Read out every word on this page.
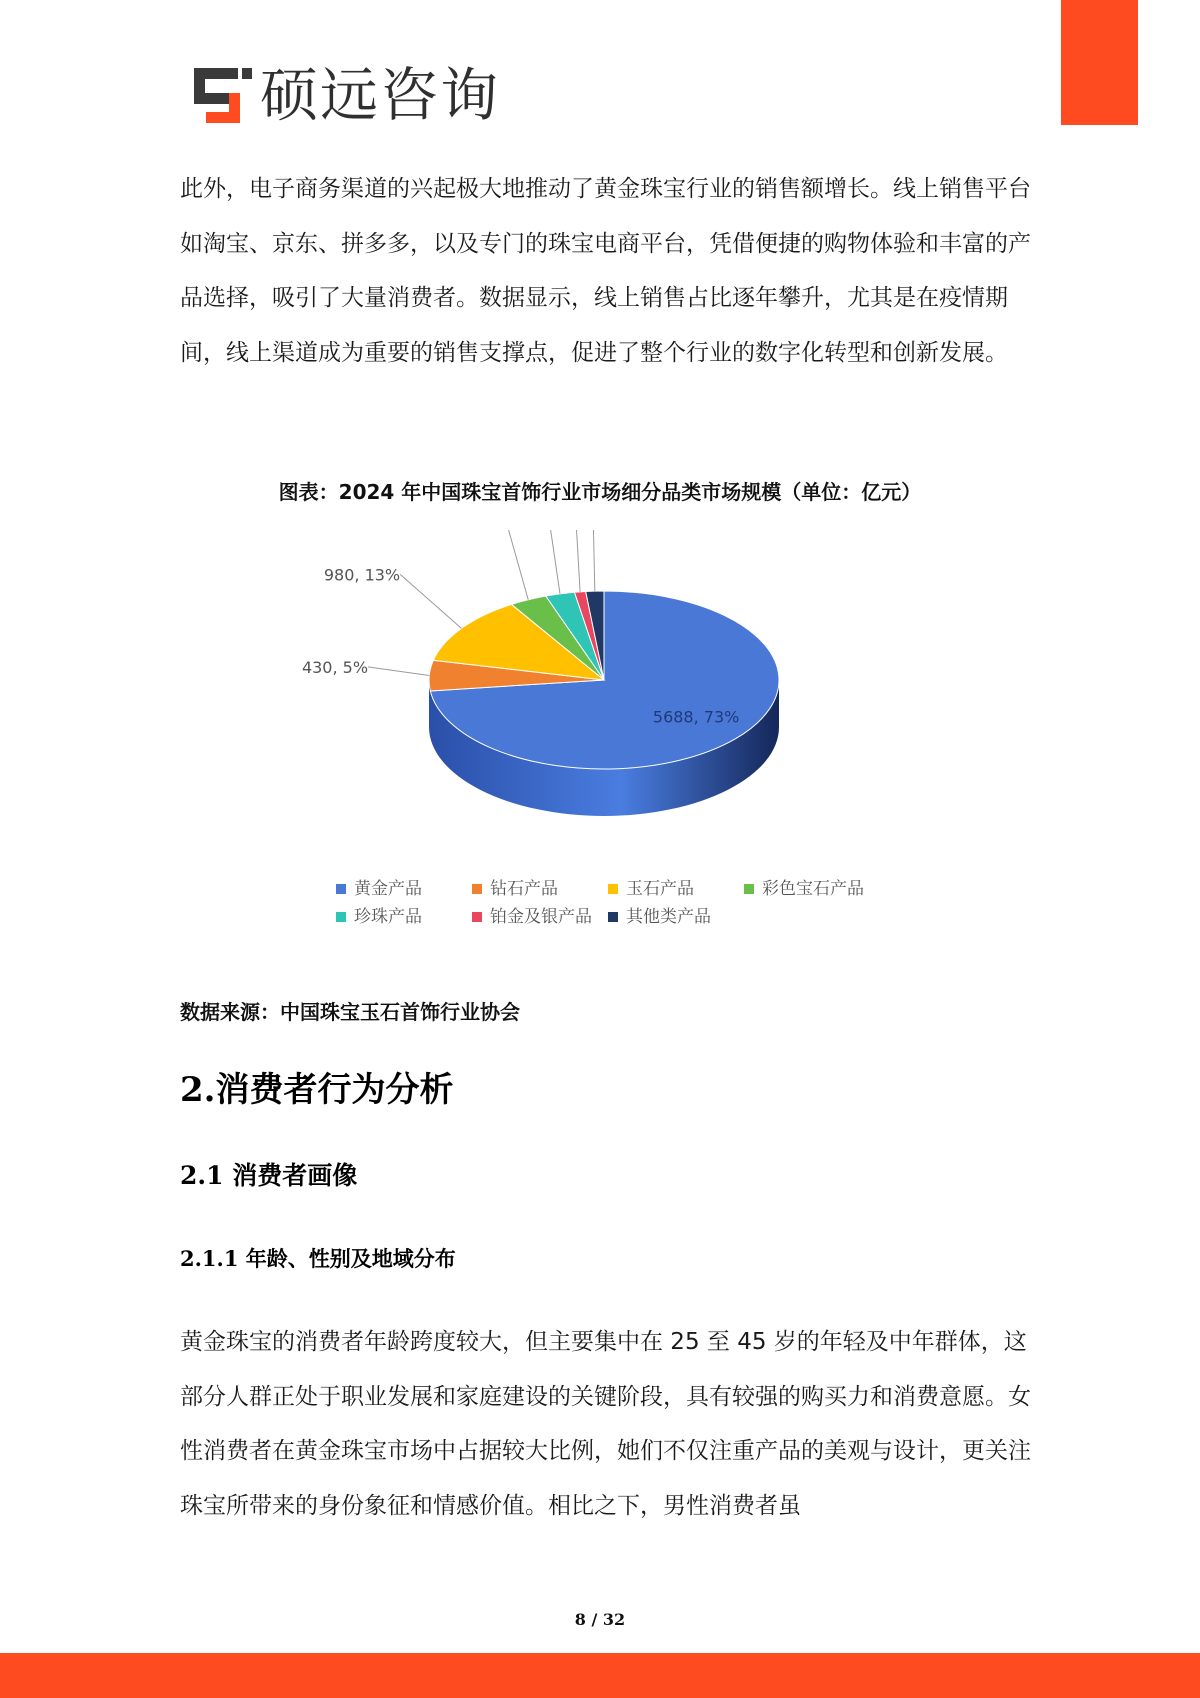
硕远咨询

此外，电子商务渠道的兴起极大地推动了黄金珠宝行业的销售额增长。线上销售平台如淘宝、京东、拼多多，以及专门的珠宝电商平台，凭借便捷的购物体验和丰富的产品选择，吸引了大量消费者。数据显示，线上销售占比逐年攀升，尤其是在疫情期间，线上渠道成为重要的销售支撑点，促进了整个行业的数字化转型和创新发展。

图表：2024 年中国珠宝首饰行业市场细分品类市场规模（单位：亿元）
5688, 73%
430, 5%
980, 13%
黄金产品	钻石产品	玉石产品	彩色宝石产品
珍珠产品	铂金及银产品 其他类产品
数据来源：中国珠宝玉石首饰行业协会
2.消费者行为分析
2.1 消费者画像
2.1.1 年龄、性别及地域分布

黄金珠宝的消费者年龄跨度较大，但主要集中在 25 至 45 岁的年轻及中年群体，这部分人群正处于职业发展和家庭建设的关键阶段，具有较强的购买力和消费意愿。女性消费者在黄金珠宝市场中占据较大比例，她们不仅注重产品的美观与设计，更关注珠宝所带来的身份象征和情感价值。相比之下，男性消费者虽

8 / 32
